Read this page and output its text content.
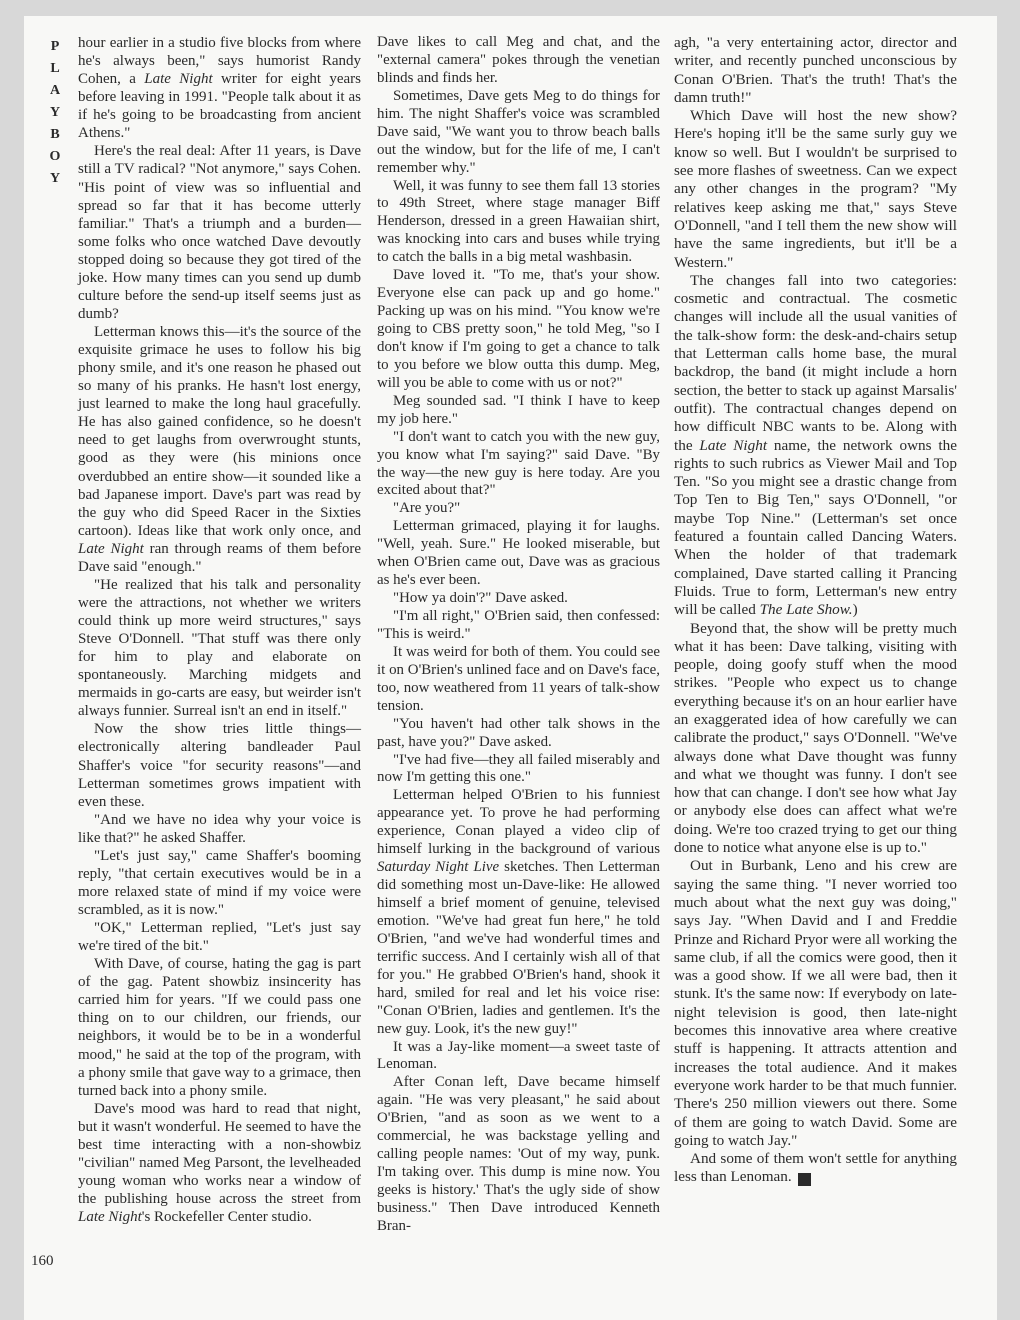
P
L
A
Y
B
O
Y

hour earlier in a studio five blocks from where he's always been," says humorist Randy Cohen, a Late Night writer for eight years before leaving in 1991. "People talk about it as if he's going to be broadcasting from ancient Athens."

Here's the real deal: After 11 years, is Dave still a TV radical? "Not anymore," says Cohen. "His point of view was so influential and spread so far that it has become utterly familiar." That's a triumph and a burden—some folks who once watched Dave devoutly stopped doing so because they got tired of the joke. How many times can you send up dumb culture before the send-up itself seems just as dumb?

Letterman knows this—it's the source of the exquisite grimace he uses to follow his big phony smile, and it's one reason he phased out so many of his pranks. He hasn't lost energy, just learned to make the long haul gracefully. He has also gained confidence, so he doesn't need to get laughs from overwrought stunts, good as they were (his minions once overdubbed an entire show—it sounded like a bad Japanese import. Dave's part was read by the guy who did Speed Racer in the Sixties cartoon). Ideas like that work only once, and Late Night ran through reams of them before Dave said "enough."

"He realized that his talk and personality were the attractions, not whether we writers could think up more weird structures," says Steve O'Donnell. "That stuff was there only for him to play and elaborate on spontaneously. Marching midgets and mermaids in go-carts are easy, but weirder isn't always funnier. Surreal isn't an end in itself."

Now the show tries little things—electronically altering bandleader Paul Shaffer's voice "for security reasons"—and Letterman sometimes grows impatient with even these.

"And we have no idea why your voice is like that?" he asked Shaffer.

"Let's just say," came Shaffer's booming reply, "that certain executives would be in a more relaxed state of mind if my voice were scrambled, as it is now."

"OK," Letterman replied, "Let's just say we're tired of the bit."

With Dave, of course, hating the gag is part of the gag. Patent showbiz insincerity has carried him for years. "If we could pass one thing on to our children, our friends, our neighbors, it would be to be in a wonderful mood," he said at the top of the program, with a phony smile that gave way to a grimace, then turned back into a phony smile.

Dave's mood was hard to read that night, but it wasn't wonderful. He seemed to have the best time interacting with a non-showbiz "civilian" named Meg Parsont, the levelheaded young woman who works near a window of the publishing house across the street from Late Night's Rockefeller Center studio.

Dave likes to call Meg and chat, and the "external camera" pokes through the venetian blinds and finds her.

Sometimes, Dave gets Meg to do things for him. The night Shaffer's voice was scrambled Dave said, "We want you to throw beach balls out the window, but for the life of me, I can't remember why."

Well, it was funny to see them fall 13 stories to 49th Street, where stage manager Biff Henderson, dressed in a green Hawaiian shirt, was knocking into cars and buses while trying to catch the balls in a big metal washbasin.

Dave loved it. "To me, that's your show. Everyone else can pack up and go home." Packing up was on his mind. "You know we're going to CBS pretty soon," he told Meg, "so I don't know if I'm going to get a chance to talk to you before we blow outta this dump. Meg, will you be able to come with us or not?"

Meg sounded sad. "I think I have to keep my job here."

"I don't want to catch you with the new guy, you know what I'm saying?" said Dave. "By the way—the new guy is here today. Are you excited about that?"

"Are you?"

Letterman grimaced, playing it for laughs. "Well, yeah. Sure." He looked miserable, but when O'Brien came out, Dave was as gracious as he's ever been.

"How ya doin'?" Dave asked.

"I'm all right," O'Brien said, then confessed: "This is weird."

It was weird for both of them. You could see it on O'Brien's unlined face and on Dave's face, too, now weathered from 11 years of talk-show tension.

"You haven't had other talk shows in the past, have you?" Dave asked.

"I've had five—they all failed miserably and now I'm getting this one."

Letterman helped O'Brien to his funniest appearance yet. To prove he had performing experience, Conan played a video clip of himself lurking in the background of various Saturday Night Live sketches. Then Letterman did something most un-Dave-like: He allowed himself a brief moment of genuine, televised emotion. "We've had great fun here," he told O'Brien, "and we've had wonderful times and terrific success. And I certainly wish all of that for you." He grabbed O'Brien's hand, shook it hard, smiled for real and let his voice rise: "Conan O'Brien, ladies and gentlemen. It's the new guy. Look, it's the new guy!"

It was a Jay-like moment—a sweet taste of Lenoman.

After Conan left, Dave became himself again. "He was very pleasant," he said about O'Brien, "and as soon as we went to a commercial, he was backstage yelling and calling people names: 'Out of my way, punk. I'm taking over. This dump is mine now. You geeks is history.' That's the ugly side of show business." Then Dave introduced Kenneth Bran-

agh, "a very entertaining actor, director and writer, and recently punched unconscious by Conan O'Brien. That's the truth! That's the damn truth!"

Which Dave will host the new show? Here's hoping it'll be the same surly guy we know so well. But I wouldn't be surprised to see more flashes of sweetness. Can we expect any other changes in the program? "My relatives keep asking me that," says Steve O'Donnell, "and I tell them the new show will have the same ingredients, but it'll be a Western."

The changes fall into two categories: cosmetic and contractual. The cosmetic changes will include all the usual vanities of the talk-show form: the desk-and-chairs setup that Letterman calls home base, the mural backdrop, the band (it might include a horn section, the better to stack up against Marsalis' outfit). The contractual changes depend on how difficult NBC wants to be. Along with the Late Night name, the network owns the rights to such rubrics as Viewer Mail and Top Ten. "So you might see a drastic change from Top Ten to Big Ten," says O'Donnell, "or maybe Top Nine." (Letterman's set once featured a fountain called Dancing Waters. When the holder of that trademark complained, Dave started calling it Prancing Fluids. True to form, Letterman's new entry will be called The Late Show.)

Beyond that, the show will be pretty much what it has been: Dave talking, visiting with people, doing goofy stuff when the mood strikes. "People who expect us to change everything because it's on an hour earlier have an exaggerated idea of how carefully we can calibrate the product," says O'Donnell. "We've always done what Dave thought was funny and what we thought was funny. I don't see how that can change. I don't see how what Jay or anybody else does can affect what we're doing. We're too crazed trying to get our thing done to notice what anyone else is up to."

Out in Burbank, Leno and his crew are saying the same thing. "I never worried too much about what the next guy was doing," says Jay. "When David and I and Freddie Prinze and Richard Pryor were all working the same club, if all the comics were good, then it was a good show. If we all were bad, then it stunk. It's the same now: If everybody on late-night television is good, then late-night becomes this innovative area where creative stuff is happening. It attracts attention and increases the total audience. And it makes everyone work harder to be that much funnier. There's 250 million viewers out there. Some of them are going to watch David. Some are going to watch Jay."

And some of them won't settle for anything less than Lenoman. ♦

160
